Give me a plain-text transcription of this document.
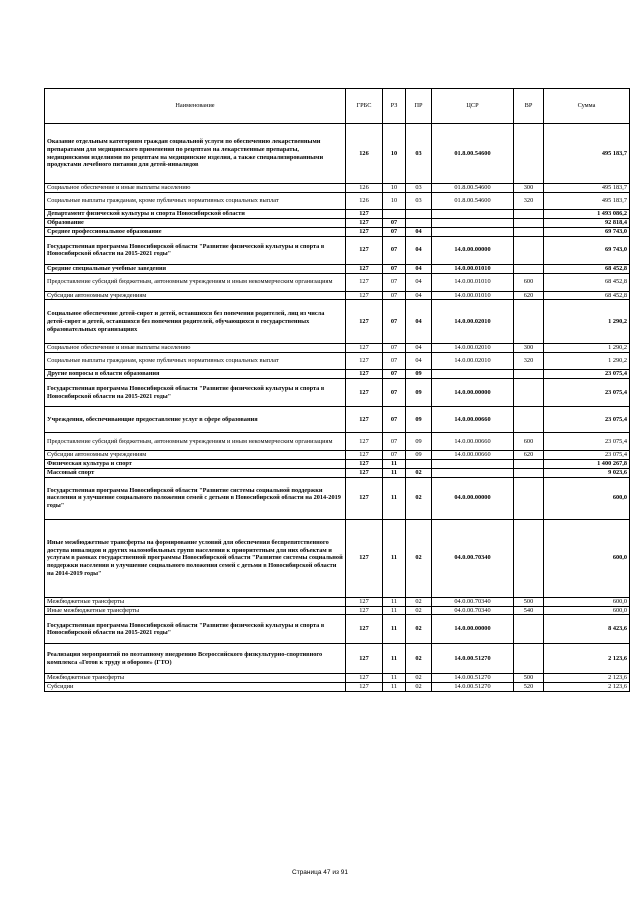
Наименование	ГРБС	РЗ	ПР	ЦСР	ВР	Сумма
Оказание отдельным категориям граждан социальной услуги по обеспечению лекарственными препаратами для медицинского применения по рецептам на лекарственные препараты, медицинскими изделиями по рецептам на медицинские изделия, а также специализированными продуктами лечебного питания для детей-инвалидов	126	10	03	01.8.00.54600		495 183,7
Социальное обеспечение и иные выплаты населению	126	10	03	01.8.00.54600	300	495 183,7
Социальные выплаты гражданам, кроме публичных нормативных социальных выплат	126	10	03	01.8.00.54600	320	495 183,7
Департамент физической культуры и спорта Новосибирской области	127					1 493 086,2
Образование	127	07				92 818,4
Среднее профессиональное образование	127	07	04			69 743,0
Государственная программа Новосибирской области "Развитие физической культуры и спорта в Новосибирской области на 2015-2021 годы"	127	07	04	14.0.00.00000		69 743,0
Средние специальные учебные заведения	127	07	04	14.0.00.01010		68 452,8
Предоставление субсидий бюджетным, автономным учреждениям и иным некоммерческим организациям	127	07	04	14.0.00.01010	600	68 452,8
Субсидии автономным учреждениям	127	07	04	14.0.00.01010	620	68 452,8
Социальное обеспечение детей-сирот и детей, оставшихся без попечения родителей, лиц из числа детей-сирот и детей, оставшихся без попечения родителей, обучающихся в государственных образовательных организациях	127	07	04	14.0.00.02010		1 290,2
Социальное обеспечение и иные выплаты населению	127	07	04	14.0.00.02010	300	1 290,2
Социальные выплаты гражданам, кроме публичных нормативных социальных выплат	127	07	04	14.0.00.02010	320	1 290,2
Другие вопросы в области образования	127	07	09			23 075,4
Государственная программа Новосибирской области "Развитие физической культуры и спорта в Новосибирской области на 2015-2021 годы"	127	07	09	14.0.00.00000		23 075,4
Учреждения, обеспечивающие предоставление услуг в сфере образования	127	07	09	14.0.00.00660		23 075,4
Предоставление субсидий бюджетным, автономным учреждениям и иным некоммерческим организациям	127	07	09	14.0.00.00660	600	23 075,4
Субсидии автономным учреждениям	127	07	09	14.0.00.00660	620	23 075,4
Физическая культура и спорт	127	11				1 400 267,8
Массовый спорт	127	11	02			9 023,6
Государственная программа Новосибирской области "Развитие системы социальной поддержки населения и улучшение социального положения семей с детьми в Новосибирской области на 2014-2019 годы"	127	11	02	04.0.00.00000		600,0
Иные межбюджетные трансферты на формирование условий для обеспечения беспрепятственного доступа инвалидов и других маломобильных групп населения к приоритетным для них объектам и услугам в рамках государственной программы Новосибирской области "Развитие системы социальной поддержки населения и улучшение социального положения семей с детьми в Новосибирской области на 2014-2019 годы"	127	11	02	04.0.00.70340		600,0
Межбюджетные трансферты	127	11	02	04.0.00.70340	500	600,0
Иные межбюджетные трансферты	127	11	02	04.0.00.70340	540	600,0
Государственная программа Новосибирской области "Развитие физической культуры и спорта в Новосибирской области на 2015-2021 годы"	127	11	02	14.0.00.00000		8 423,6
Реализация мероприятий по поэтапному внедрению Всероссийского физкультурно-спортивного комплекса «Готов к труду и обороне» (ГТО)	127	11	02	14.0.00.51270		2 123,6
Межбюджетные трансферты	127	11	02	14.0.00.51270	500	2 123,6
Субсидии	127	11	02	14.0.00.51270	520	2 123,6
Страница 47 из 91
